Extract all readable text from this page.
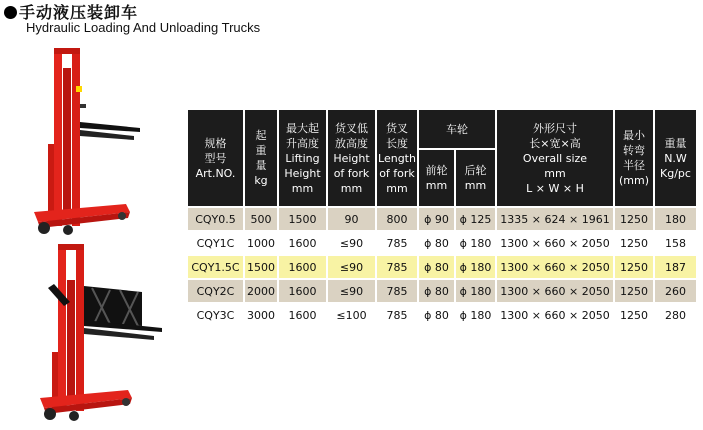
手动液压装卸车
Hydraulic Loading And Unloading Trucks
规格
型号
Art.NO.	起
重
量
kg	最大起
升高度
Lifting
Height
mm	货叉低
放高度
Height
of fork
mm	货叉
长度
Length
of fork
mm	车轮		外形尺寸
长×宽×高
Overall size
mm
L × W × H	最小
转弯
半径
(mm)	重量
N.W
Kg/pc

					前轮
mm	后轮
mm			

CQY0.5	500	1500	90	800	ϕ 90	ϕ 125	1335 × 624 × 1961	1250	180
CQY1C	1000	1600	≤90	785	ϕ 80	ϕ 180	1300 × 660 × 2050	1250	158
CQY1.5C	1500	1600	≤90	785	ϕ 80	ϕ 180	1300 × 660 × 2050	1250	187
CQY2C	2000	1600	≤90	785	ϕ 80	ϕ 180	1300 × 660 × 2050	1250	260
CQY3C	3000	1600	≤100	785	ϕ 80	ϕ 180	1300 × 660 × 2050	1250	280
